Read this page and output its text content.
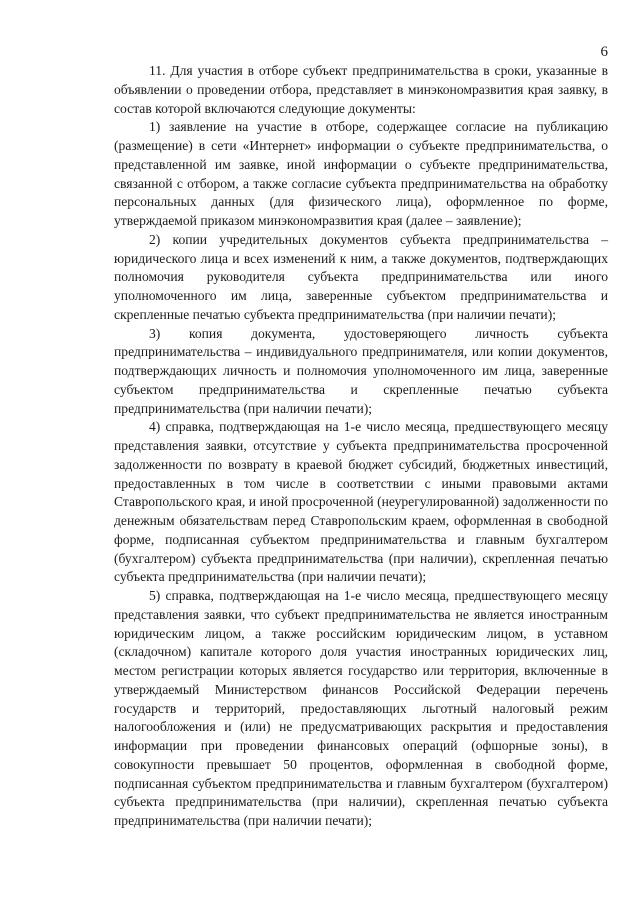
6

11. Для участия в отборе субъект предпринимательства в сроки, указанные в объявлении о проведении отбора, представляет в минэкономразвития края заявку, в состав которой включаются следующие документы:

1) заявление на участие в отборе, содержащее согласие на публикацию (размещение) в сети «Интернет» информации о субъекте предпринимательства, о представленной им заявке, иной информации о субъекте предпринимательства, связанной с отбором, а также согласие субъекта предпринимательства на обработку персональных данных (для физического лица), оформленное по форме, утверждаемой приказом минэкономразвития края (далее – заявление);

2) копии учредительных документов субъекта предпринимательства – юридического лица и всех изменений к ним, а также документов, подтверждающих полномочия руководителя субъекта предпринимательства или иного уполномоченного им лица, заверенные субъектом предпринимательства и скрепленные печатью субъекта предпринимательства (при наличии печати);

3) копия документа, удостоверяющего личность субъекта предпринимательства – индивидуального предпринимателя, или копии документов, подтверждающих личность и полномочия уполномоченного им лица, заверенные субъектом предпринимательства и скрепленные печатью субъекта предпринимательства (при наличии печати);

4) справка, подтверждающая на 1-е число месяца, предшествующего месяцу представления заявки, отсутствие у субъекта предпринимательства просроченной задолженности по возврату в краевой бюджет субсидий, бюджетных инвестиций, предоставленных в том числе в соответствии с иными правовыми актами Ставропольского края, и иной просроченной (неурегулированной) задолженности по денежным обязательствам перед Ставропольским краем, оформленная в свободной форме, подписанная субъектом предпринимательства и главным бухгалтером (бухгалтером) субъекта предпринимательства (при наличии), скрепленная печатью субъекта предпринимательства (при наличии печати);

5) справка, подтверждающая на 1-е число месяца, предшествующего месяцу представления заявки, что субъект предпринимательства не является иностранным юридическим лицом, а также российским юридическим лицом, в уставном (складочном) капитале которого доля участия иностранных юридических лиц, местом регистрации которых является государство или территория, включенные в утверждаемый Министерством финансов Российской Федерации перечень государств и территорий, предоставляющих льготный налоговый режим налогообложения и (или) не предусматривающих раскрытия и предоставления информации при проведении финансовых операций (офшорные зоны), в совокупности превышает 50 процентов, оформленная в свободной форме, подписанная субъектом предпринимательства и главным бухгалтером (бухгалтером) субъекта предпринимательства (при наличии), скрепленная печатью субъекта предпринимательства (при наличии печати);
